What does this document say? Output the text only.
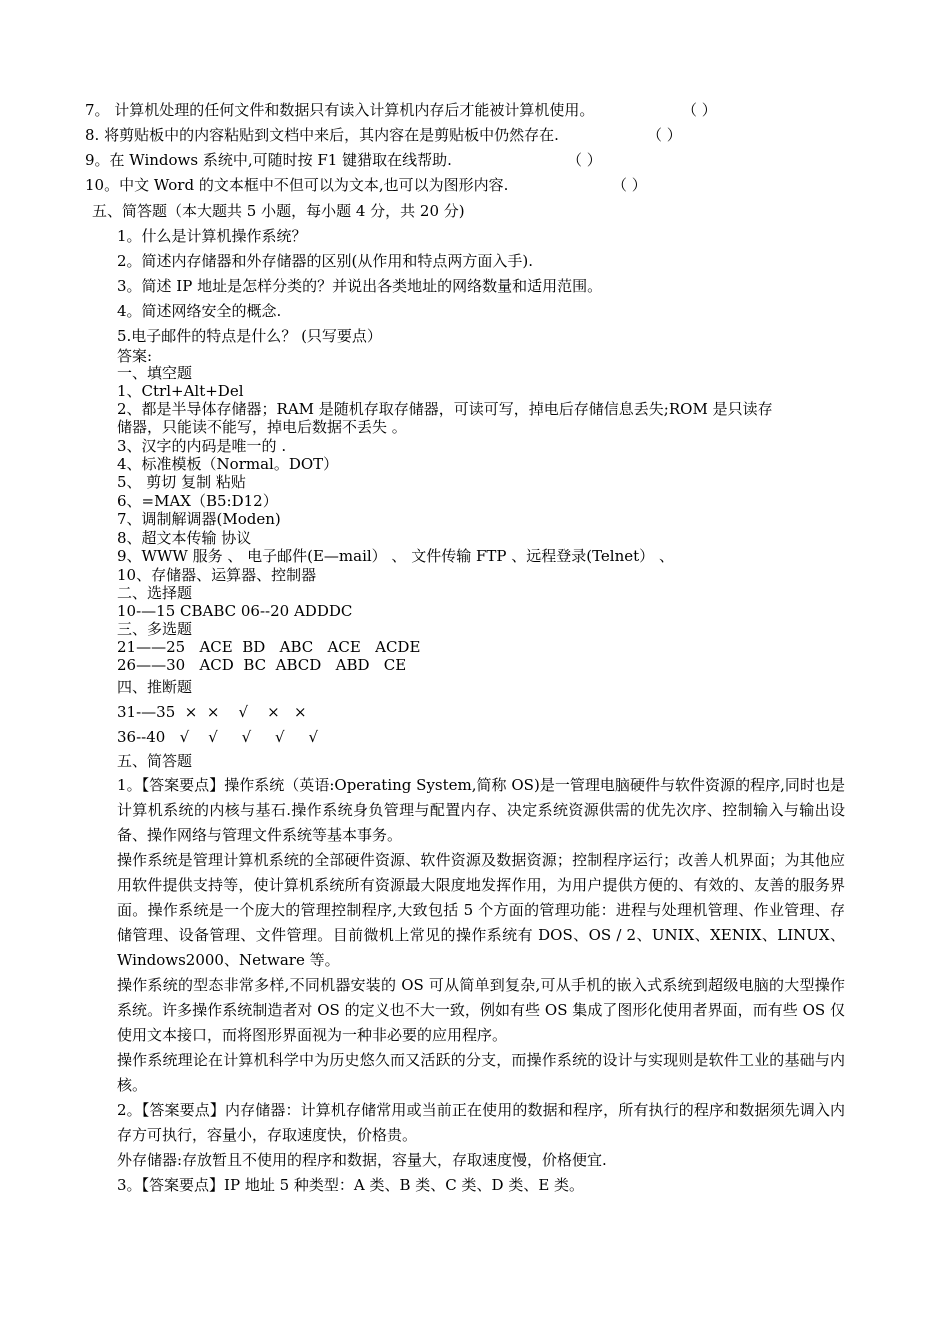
7。 计算机处理的任何文件和数据只有读入计算机内存后才能被计算机使用。	（ ）
8. 将剪贴板中的内容粘贴到文档中来后，其内容在是剪贴板中仍然存在.	（ ）
9。在 Windows 系统中,可随时按 F1 键猎取在线帮助.	（ ）
10。中文 Word 的文本框中不但可以为文本,也可以为图形内容.	（ ）
五、简答题（本大题共 5 小题，每小题 4 分，共 20 分)
1。什么是计算机操作系统？
2。简述内存储器和外存储器的区别(从作用和特点两方面入手).
3。简述 IP 地址是怎样分类的？并说出各类地址的网络数量和适用范围。
4。简述网络安全的概念.
5.电子邮件的特点是什么？ (只写要点）
答案:
一、填空题
1、Ctrl+Alt+Del
2、都是半导体存储器；RAM 是随机存取存储器，可读可写，掉电后存储信息丢失;ROM 是只读存
储器，只能读不能写，掉电后数据不丢失 。
3、汉字的内码是唯一的 .
4、标准模板（Normal。DOT）
5、 剪切 复制 粘贴
6、=MAX（B5:D12）
7、调制解调器(Moden)
8、超文本传输 协议
9、WWW 服务 、 电子邮件(E—mail） 、 文件传输 FTP 、远程登录(Telnet） 、
10、存储器、运算器、控制器
二、选择题
10-—15 CBABC 06--20 ADDDC
三、多选题
21——25   ACE  BD   ABC   ACE   ACDE
26——30   ACD  BC  ABCD   ABD   CE
四、推断题
31-—35  ×  ×    √    ×   ×
36--40   √    √     √     √     √
五、简答题
1。【答案要点】操作系统（英语:Operating System,简称 OS)是一管理电脑硬件与软件资源的程序,同时也是计算机系统的内核与基石.操作系统身负管理与配置内存、决定系统资源供需的优先次序、控制输入与输出设备、操作网络与管理文件系统等基本事务。
操作系统是管理计算机系统的全部硬件资源、软件资源及数据资源；控制程序运行；改善人机界面；为其他应用软件提供支持等，使计算机系统所有资源最大限度地发挥作用，为用户提供方便的、有效的、友善的服务界面。操作系统是一个庞大的管理控制程序,大致包括 5 个方面的管理功能：进程与处理机管理、作业管理、存储管理、设备管理、文件管理。目前微机上常见的操作系统有 DOS、OS / 2、UNIX、XENIX、LINUX、Windows2000、Netware 等。
操作系统的型态非常多样,不同机器安装的 OS 可从简单到复杂,可从手机的嵌入式系统到超级电脑的大型操作系统。许多操作系统制造者对 OS 的定义也不大一致，例如有些 OS 集成了图形化使用者界面，而有些 OS 仅使用文本接口，而将图形界面视为一种非必要的应用程序。
操作系统理论在计算机科学中为历史悠久而又活跃的分支，而操作系统的设计与实现则是软件工业的基础与内核。
2。【答案要点】内存储器：计算机存储常用或当前正在使用的数据和程序，所有执行的程序和数据须先调入内存方可执行，容量小，存取速度快，价格贵。
外存储器:存放暂且不使用的程序和数据，容量大，存取速度慢，价格便宜.
3。【答案要点】IP 地址 5 种类型：A 类、B 类、C 类、D 类、E 类。
